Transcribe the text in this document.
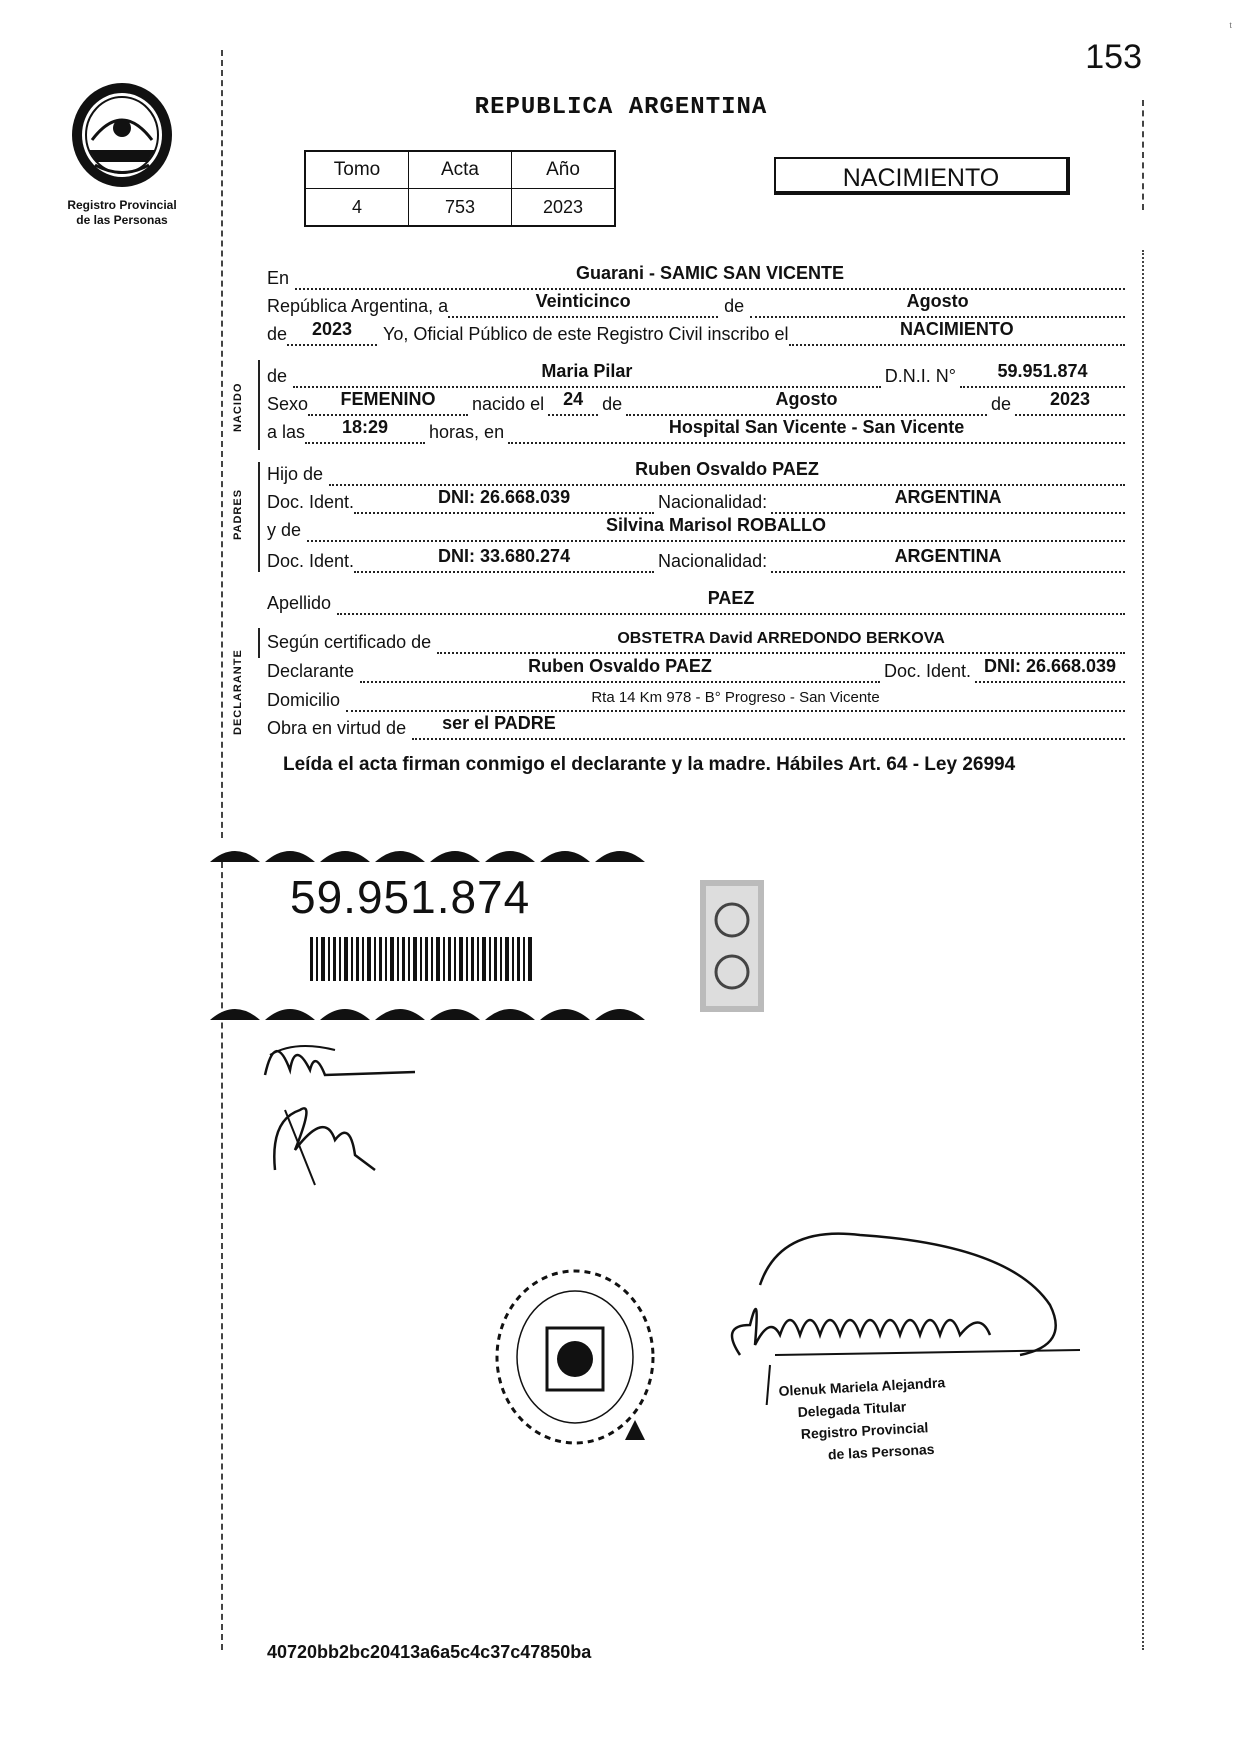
153
ᵗ
Registro Provincial
de las Personas
REPUBLICA ARGENTINA
Tomo	Acta	Año
4	753	2023
NACIMIENTO
En	Guarani - SAMIC SAN VICENTE
República Argentina, a	Veinticinco	de	Agosto
de	2023	Yo, Oficial Público de este Registro Civil inscribo el	NACIMIENTO
NACIDO
de	Maria Pilar	D.N.I. N°	59.951.874
Sexo	FEMENINO	nacido el	24	de	Agosto	de	2023
a las	18:29	horas, en	Hospital San Vicente - San Vicente
PADRES
Hijo de	Ruben Osvaldo PAEZ
Doc. Ident.	DNI: 26.668.039	Nacionalidad:	ARGENTINA
y de	Silvina Marisol ROBALLO
Doc. Ident.	DNI: 33.680.274	Nacionalidad:	ARGENTINA
Apellido	PAEZ
DECLARANTE
Según certificado de	OBSTETRA David ARREDONDO BERKOVA
Declarante	Ruben Osvaldo PAEZ	Doc. Ident. DNI: 26.668.039
Domicilio	Rta 14 Km 978 - B° Progreso - San Vicente
Obra en virtud de	ser el PADRE
Leída el acta firman conmigo el declarante y la madre. Hábiles Art. 64 - Ley 26994
59.951.874
Olenuk Mariela Alejandra
Delegada Titular
Registro Provincial
de las Personas
40720bb2bc20413a6a5c4c37c47850ba
